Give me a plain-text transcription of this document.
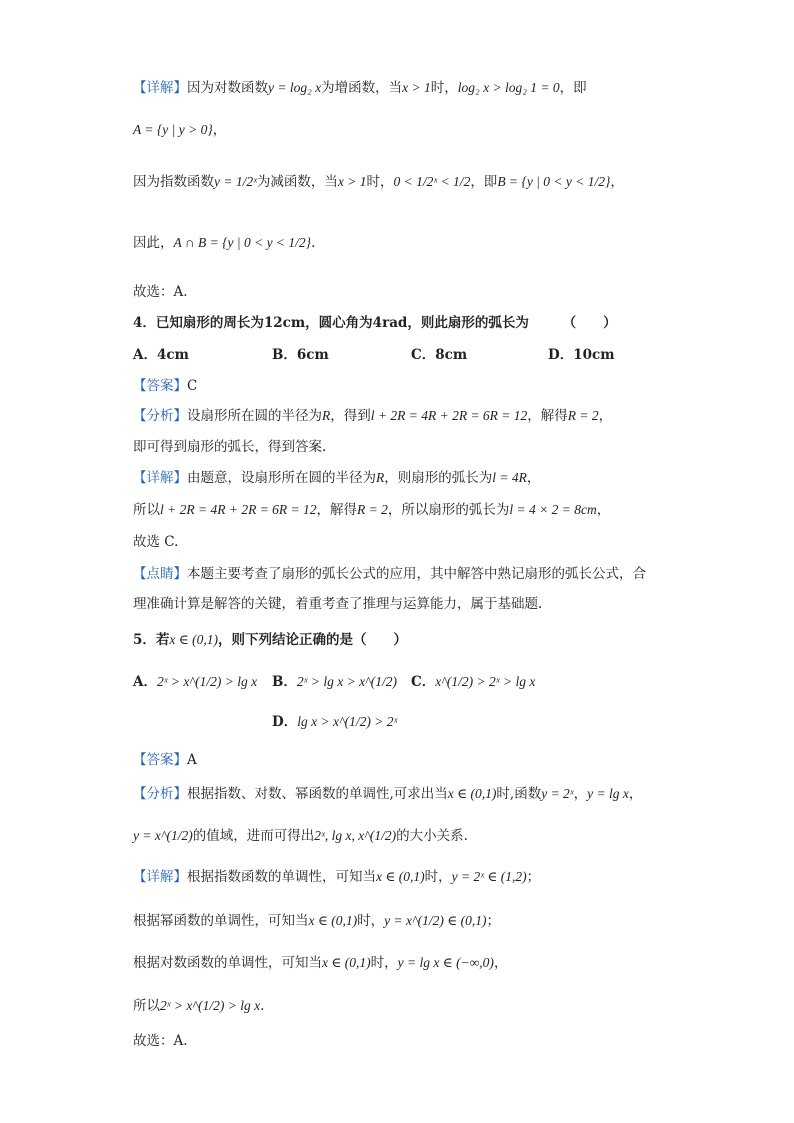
【详解】因为对数函数y = log₂ x为增函数，当x > 1时，log₂ x > log₂ 1 = 0，即
A = {y | y > 0}，
因为指数函数y = 1/2ˣ为减函数，当x > 1时，0 < 1/2ˣ < 1/2，即B = {y | 0 < y < 1/2}，
因此，A ∩ B = {y | 0 < y < 1/2}.
故选：A.
4．已知扇形的周长为12cm，圆心角为4rad，则此扇形的弧长为　　　（　　）
A．4cm	B．6cm	C．8cm	D．10cm
【答案】C
【分析】设扇形所在圆的半径为R，得到l + 2R = 4R + 2R = 6R = 12，解得R = 2，
即可得到扇形的弧长，得到答案.
【详解】由题意，设扇形所在圆的半径为R，则扇形的弧长为l = 4R，
所以l + 2R = 4R + 2R = 6R = 12，解得R = 2，所以扇形的弧长为l = 4 × 2 = 8cm，
故选 C.
【点睛】本题主要考查了扇形的弧长公式的应用，其中解答中熟记扇形的弧长公式，合
理准确计算是解答的关键，着重考查了推理与运算能力，属于基础题.
5．若x ∈ (0,1)，则下列结论正确的是（　　）
A．2ˣ > x^(1/2) > lg x B．2ˣ > lg x > x^(1/2) C．x^(1/2) > 2ˣ > lg x
D．lg x > x^(1/2) > 2ˣ
【答案】A
【分析】根据指数、对数、幂函数的单调性,可求出当x ∈ (0,1)时,函数y = 2ˣ，y = lg x，
y = x^(1/2)的值域，进而可得出2ˣ, lg x, x^(1/2)的大小关系.
【详解】根据指数函数的单调性，可知当x ∈ (0,1)时，y = 2ˣ ∈ (1,2)；
根据幂函数的单调性，可知当x ∈ (0,1)时，y = x^(1/2) ∈ (0,1)；
根据对数函数的单调性，可知当x ∈ (0,1)时，y = lg x ∈ (−∞,0)，
所以2ˣ > x^(1/2) > lg x.
故选：A.
